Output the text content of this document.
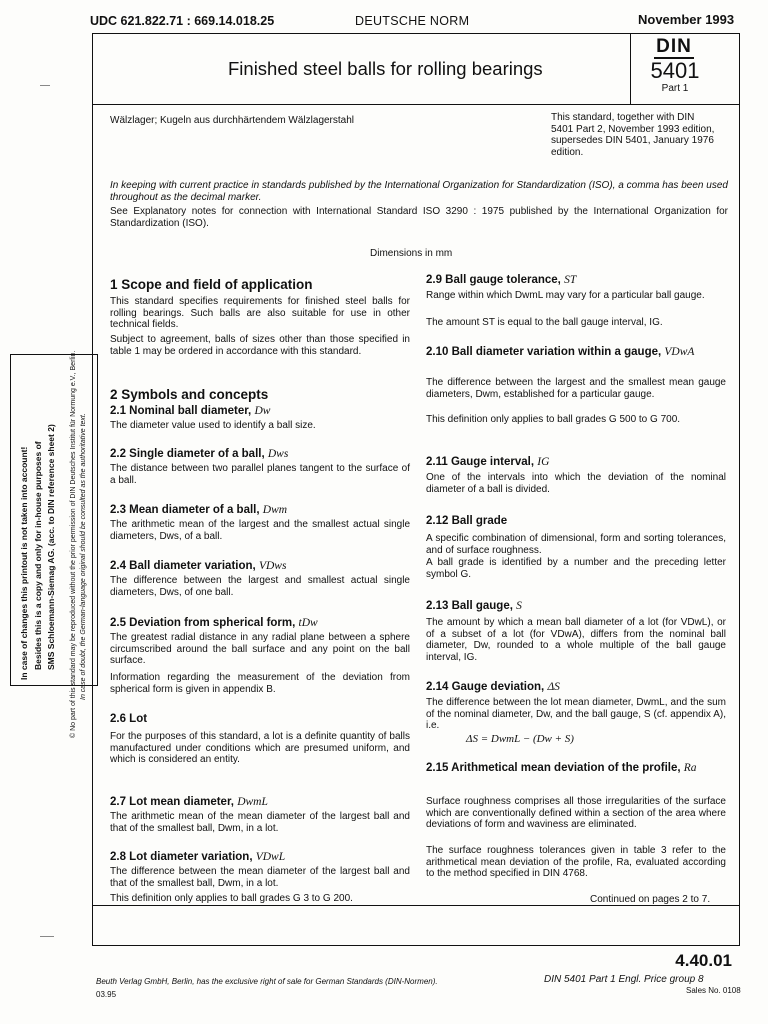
UDC 621.822.71 : 669.14.018.25	DEUTSCHE NORM	November 1993
Finished steel balls for rolling bearings
DIN
5401
Part 1
Wälzlager; Kugeln aus durchhärtendem Wälzlagerstahl	This standard, together with DIN 5401 Part 2, November 1993 edition, supersedes DIN 5401, January 1976 edition.
In keeping with current practice in standards published by the International Organization for Standardization (ISO), a comma has been used throughout as the decimal marker.
See Explanatory notes for connection with International Standard ISO 3290 : 1975 published by the International Organization for Standardization (ISO).
Dimensions in mm
1 Scope and field of application
This standard specifies requirements for finished steel balls for rolling bearings. Such balls are also suitable for use in other technical fields.
Subject to agreement, balls of sizes other than those specified in table 1 may be ordered in accordance with this standard.
2 Symbols and concepts
2.1 Nominal ball diameter, Dw
The diameter value used to identify a ball size.
2.2 Single diameter of a ball, Dws
The distance between two parallel planes tangent to the surface of a ball.
2.3 Mean diameter of a ball, Dwm
The arithmetic mean of the largest and the smallest actual single diameters, Dws, of a ball.
2.4 Ball diameter variation, VDws
The difference between the largest and smallest actual single diameters, Dws, of one ball.
2.5 Deviation from spherical form, tDw
The greatest radial distance in any radial plane between a sphere circumscribed around the ball surface and any point on the ball surface.
Information regarding the measurement of the deviation from spherical form is given in appendix B.
2.6 Lot
For the purposes of this standard, a lot is a definite quantity of balls manufactured under conditions which are presumed uniform, and which is considered an entity.
2.7 Lot mean diameter, DwmL
The arithmetic mean of the mean diameter of the largest ball and that of the smallest ball, Dwm, in a lot.
2.8 Lot diameter variation, VDwL
The difference between the mean diameter of the largest ball and that of the smallest ball, Dwm, in a lot.
This definition only applies to ball grades G 3 to G 200.
2.9 Ball gauge tolerance, ST
Range within which DwmL may vary for a particular ball gauge.
The amount ST is equal to the ball gauge interval, IG.
2.10 Ball diameter variation within a gauge, VDwA
The difference between the largest and the smallest mean gauge diameters, Dwm, established for a particular gauge.
This definition only applies to ball grades G 500 to G 700.
2.11 Gauge interval, IG
One of the intervals into which the deviation of the nominal diameter of a ball is divided.
2.12 Ball grade
A specific combination of dimensional, form and sorting tolerances, and of surface roughness.
A ball grade is identified by a number and the preceding letter symbol G.
2.13 Ball gauge, S
The amount by which a mean ball diameter of a lot (for VDwL), or of a subset of a lot (for VDwA), differs from the nominal ball diameter, Dw, rounded to a whole multiple of the ball gauge interval, IG.
2.14 Gauge deviation, ΔS
The difference between the lot mean diameter, DwmL, and the sum of the nominal diameter, Dw, and the ball gauge, S (cf. appendix A), i.e.
ΔS = DwmL − (Dw + S)
2.15 Arithmetical mean deviation of the profile, Ra
Surface roughness comprises all those irregularities of the surface which are conventionally defined within a section of the area where deviations of form and waviness are eliminated.
The surface roughness tolerances given in table 3 refer to the arithmetical mean deviation of the profile, Ra, evaluated according to the method specified in DIN 4768.
Continued on pages 2 to 7.
In case of changes this printout is not taken into account! Besides this is a copy and only for in-house purposes of SMS Schloemann-Siemag AG. (acc. to DIN reference sheet 2) © No part of this standard may be reproduced without the prior permission of DIN Deutsches Institut für Normung e.V., Berlin. In case of doubt, the German-language original should be consulted as the authoritative text.
4.40.01
Beuth Verlag GmbH, Berlin, has the exclusive right of sale for German Standards (DIN-Normen).
03.95
DIN 5401 Part 1 Engl. Price group 8
Sales No. 0108
